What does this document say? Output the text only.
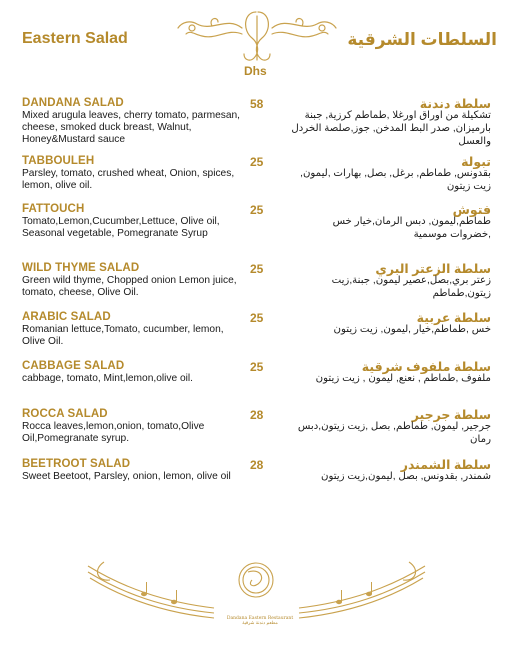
Eastern Salad	السلطات الشرقية
Dhs
DANDANA SALAD
Mixed arugula leaves, cherry tomato, parmesan, cheese, smoked duck breast, Walnut, Honey&Mustard sauce
58	سلطة دندنة
تشكيلة من اوراق اورغلا ,طماطم كرزية, جبنة بارميزان, صدر البط المدخن, جوز,صلصة الخردل والعسل
TABBOULEH
Parsley, tomato, crushed wheat, Onion, spices, lemon, olive oil.
25	تبولة
بقدونس, طماطم, برغل, بصل, بهارات ,ليمون, زيت زيتون
FATTOUCH
Tomato,Lemon,Cucumber,Lettuce, Olive oil, Seasonal vegetable, Pomegranate Syrup
25	فتوش
طماطم,ليمون, دبس الرمان,خيار خس ,خضروات موسمية
WILD THYME SALAD
Green wild thyme, Chopped onion Lemon juice, tomato, cheese, Olive Oil.
25	سلطة الزعتر البري
زعتر بري,بصل,عصير ليمون, جبنة,زيت زيتون,طماطم
ARABIC SALAD
Romanian lettuce,Tomato, cucumber, lemon, Olive Oil.
25	سلطة عربية
خس ,طماطم,خيار ,ليمون, زيت زيتون
CABBAGE SALAD
cabbage, tomato, Mint,lemon,olive oil.
25	سلطة ملفوف شرقية
ملفوف ,طماطم , نعنع, ليمون , زيت زيتون
ROCCA SALAD
Rocca leaves,lemon,onion, tomato,Olive Oil,Pomegranate syrup.
28	سلطة جرجير
جرجير, ليمون, طماطم, بصل ,زيت زيتون,دبس رمان
BEETROOT SALAD
Sweet Beetoot, Parsley, onion, lemon, olive oil
28	سلطة الشمندر
شمندر, بقدونس, بصل ,ليمون,زيت زيتون
Dandana Eastern Restaurant
مطعم دندنة شرقية
